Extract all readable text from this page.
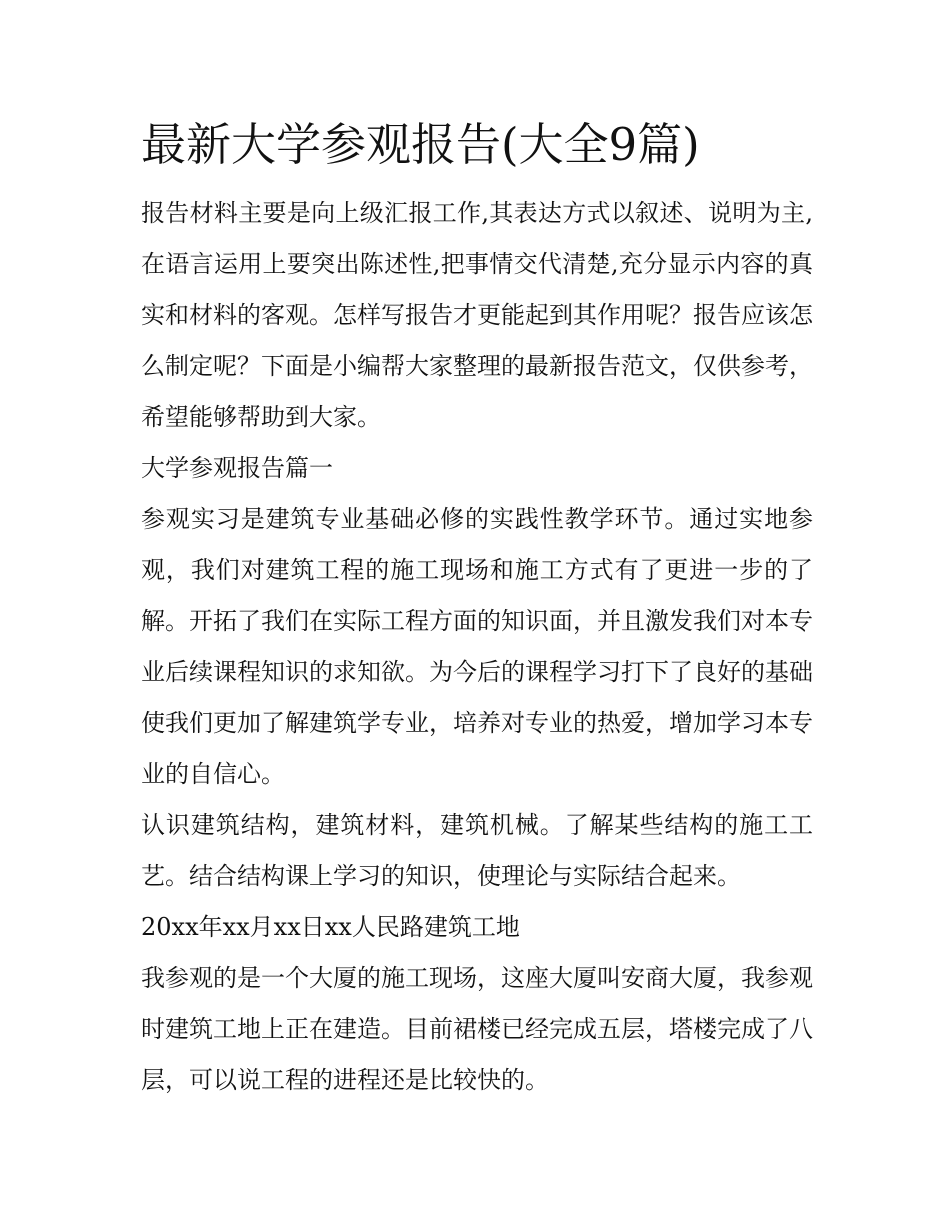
最新大学参观报告(大全9篇)

报告材料主要是向上级汇报工作,其表达方式以叙述、说明为主,在语言运用上要突出陈述性,把事情交代清楚,充分显示内容的真实和材料的客观。怎样写报告才更能起到其作用呢？报告应该怎么制定呢？下面是小编帮大家整理的最新报告范文，仅供参考，希望能够帮助到大家。

大学参观报告篇一

参观实习是建筑专业基础必修的实践性教学环节。通过实地参观，我们对建筑工程的施工现场和施工方式有了更进一步的了解。开拓了我们在实际工程方面的知识面，并且激发我们对本专业后续课程知识的求知欲。为今后的课程学习打下了良好的基础使我们更加了解建筑学专业，培养对专业的热爱，增加学习本专业的自信心。

认识建筑结构，建筑材料，建筑机械。了解某些结构的施工工艺。结合结构课上学习的知识，使理论与实际结合起来。

20xx年xx月xx日xx人民路建筑工地

我参观的是一个大厦的施工现场，这座大厦叫安商大厦，我参观时建筑工地上正在建造。目前裙楼已经完成五层，塔楼完成了八层，可以说工程的进程还是比较快的。
